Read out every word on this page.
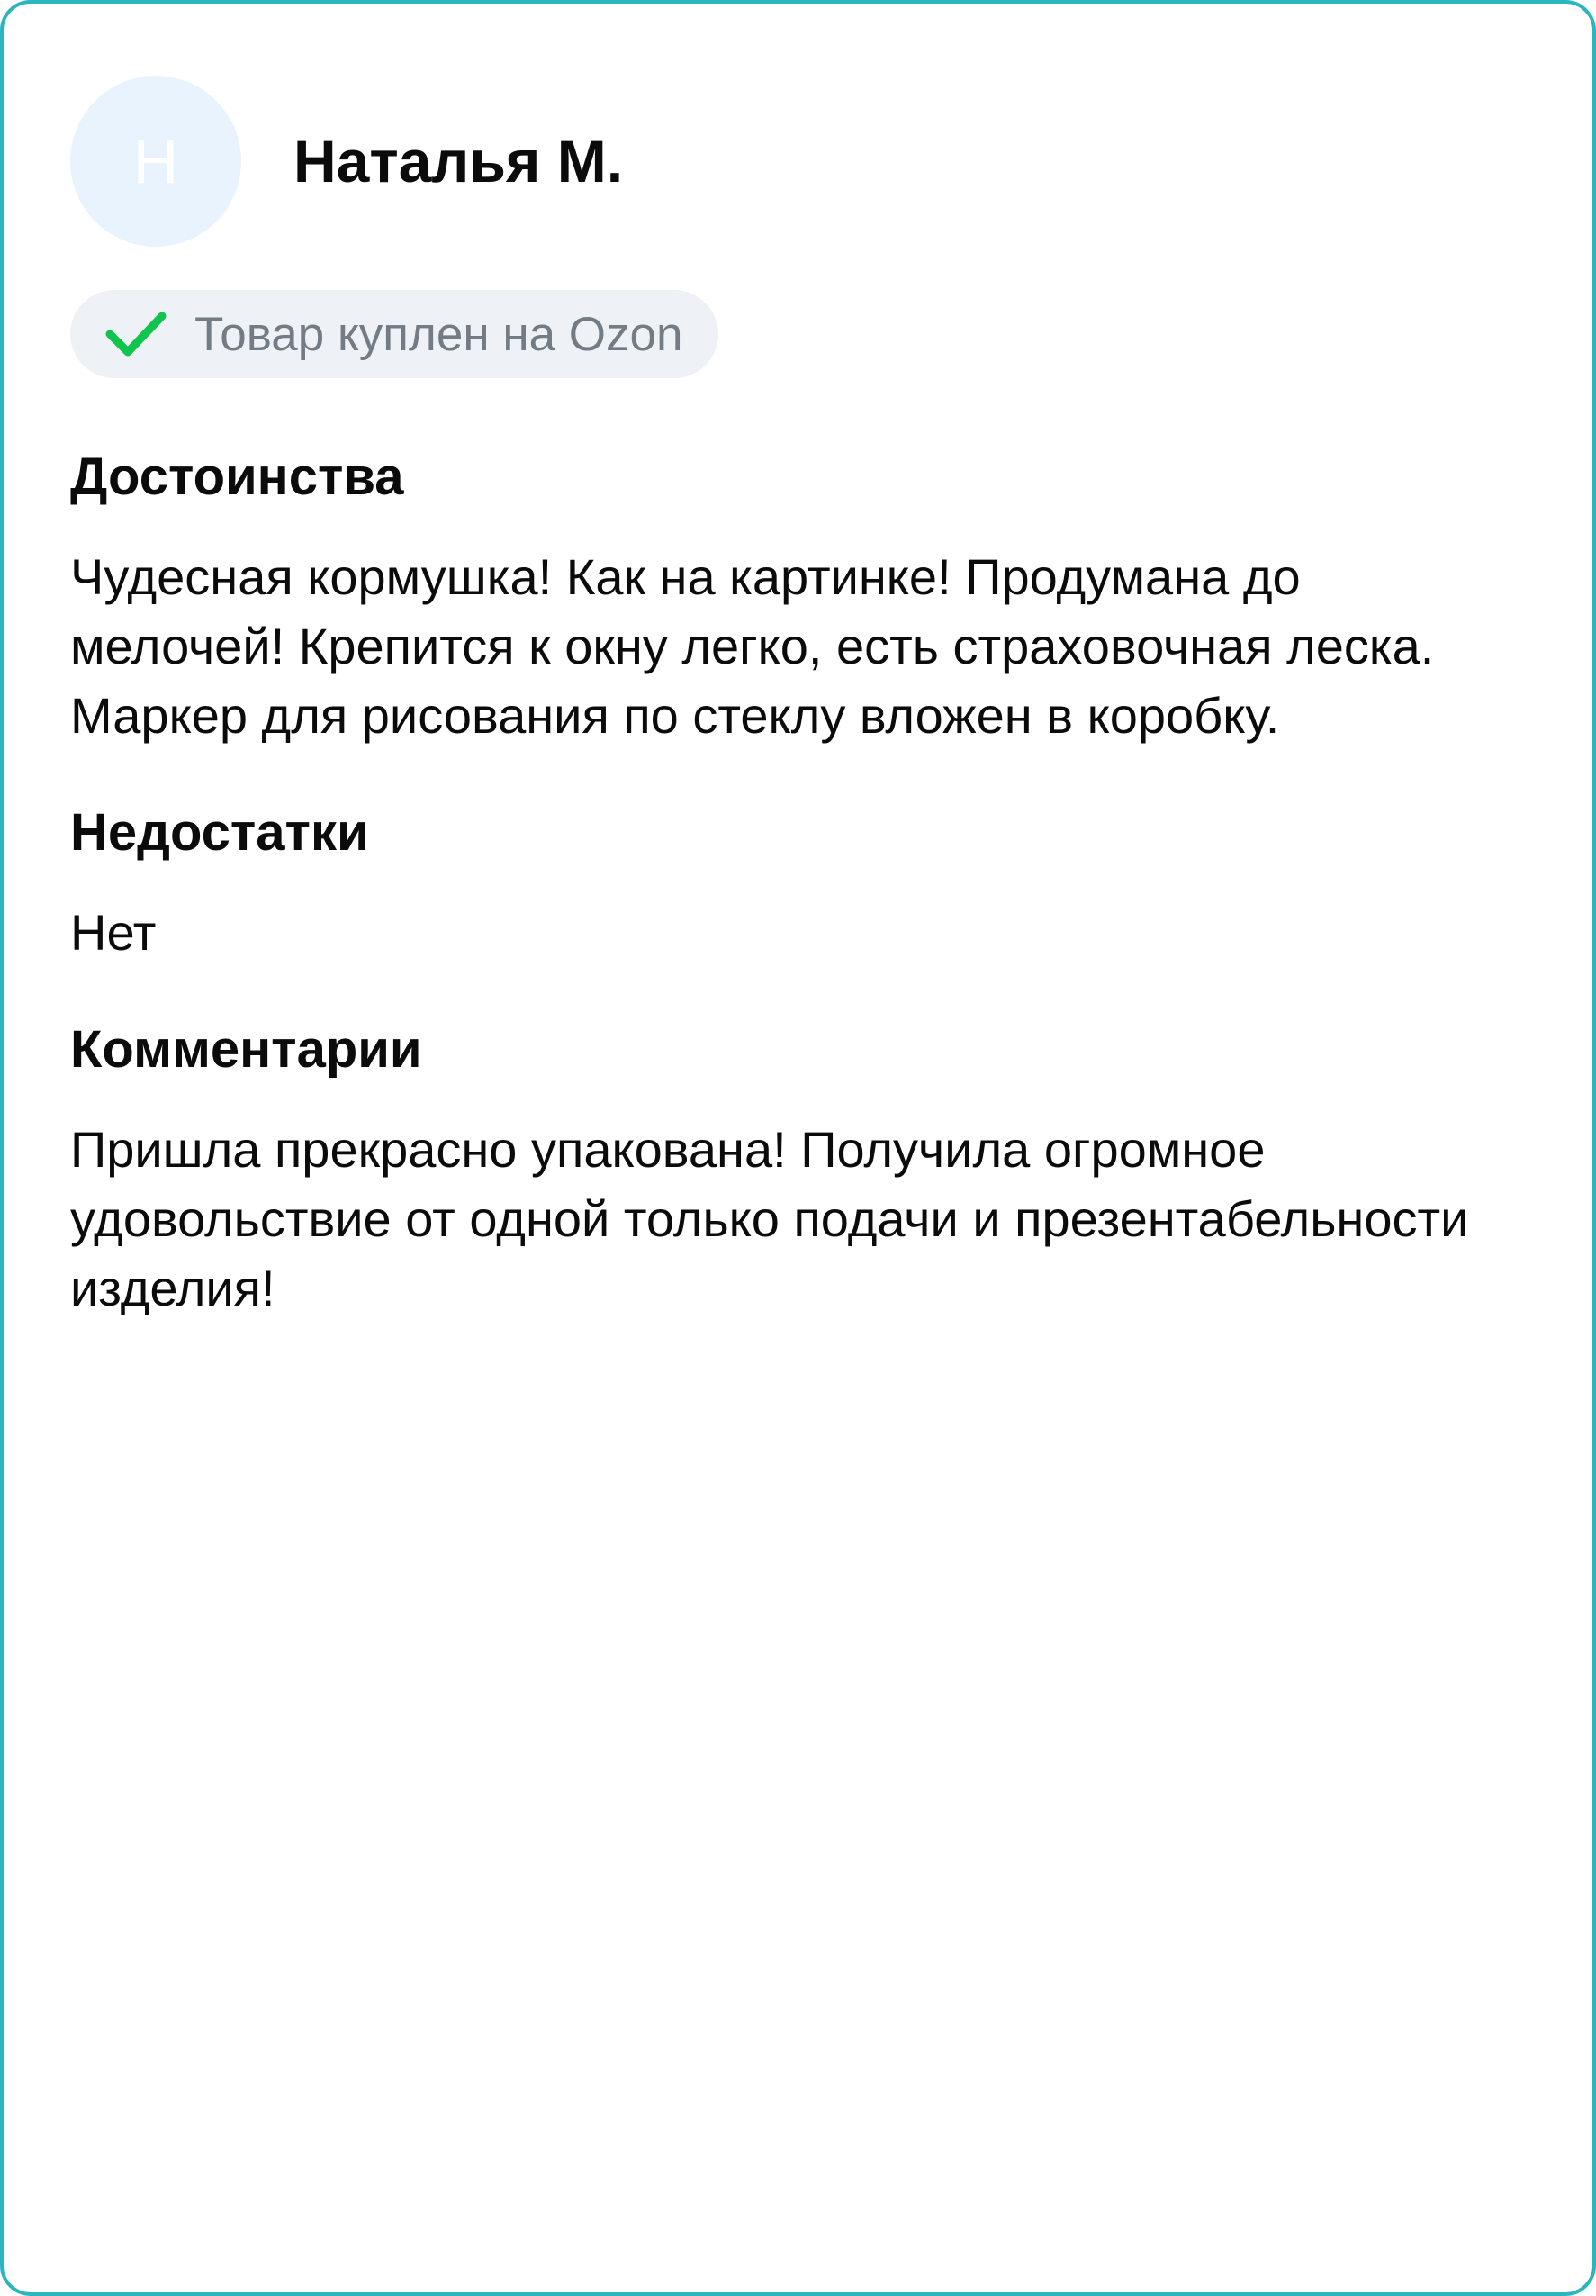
Н Наталья М.
Товар куплен на Ozon
Достоинства
Чудесная кормушка! Как на картинке! Продумана до мелочей! Крепится к окну легко, есть страховочная леска. Маркер для рисования по стеклу вложен в коробку.
Недостатки
Нет
Комментарии
Пришла прекрасно упакована! Получила огромное удовольствие от одной только подачи и презентабельности изделия!
